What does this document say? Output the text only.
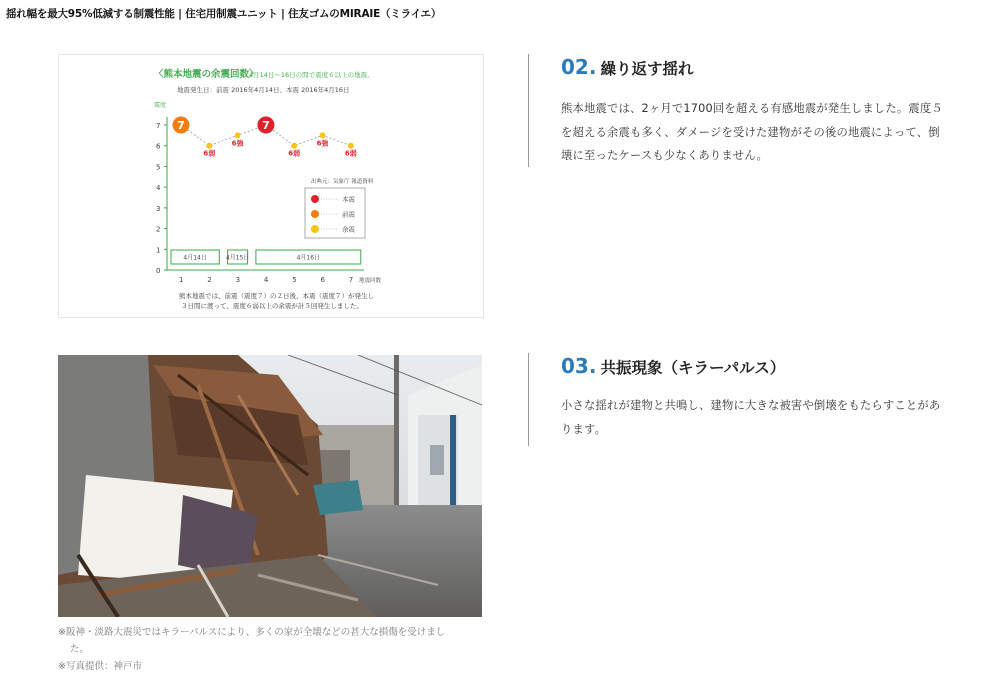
揺れ幅を最大95%低減する制震性能 | 住宅用制震ユニット | 住友ゴムのMIRAIE（ミライエ）
〈熊本地震の余震回数〉
4月14日〜16日の間で震度６以上の地震。
地震発生日：前震 2016年4月14日、本震 2016年4月16日
震度
0
1
2
3
4
5
6
7
1	2	3	4	5	6	7 地震回数
4月14日	4月15日	4月16日
7
6弱
6強
7
6弱
6強
6弱
出典元：気象庁 報道資料
本震
前震
余震
熊本地震では、前震（震度７）の２日後、本震（震度７）が発生し
３日間に渡って、震度６弱以上の余震が計５回発生しました。
02. 繰り返す揺れ
熊本地震では、2ヶ月で1700回を超える有感地震が発生しました。震度５を超える余震も多く、ダメージを受けた建物がその後の地震によって、倒壊に至ったケースも少なくありません。
※阪神・淡路大震災ではキラーパルスにより、多くの家が全壊などの甚大な損傷を受けまし
た。
※写真提供：神戸市
03. 共振現象（キラーパルス）
小さな揺れが建物と共鳴し、建物に大きな被害や倒壊をもたらすことがあります。
